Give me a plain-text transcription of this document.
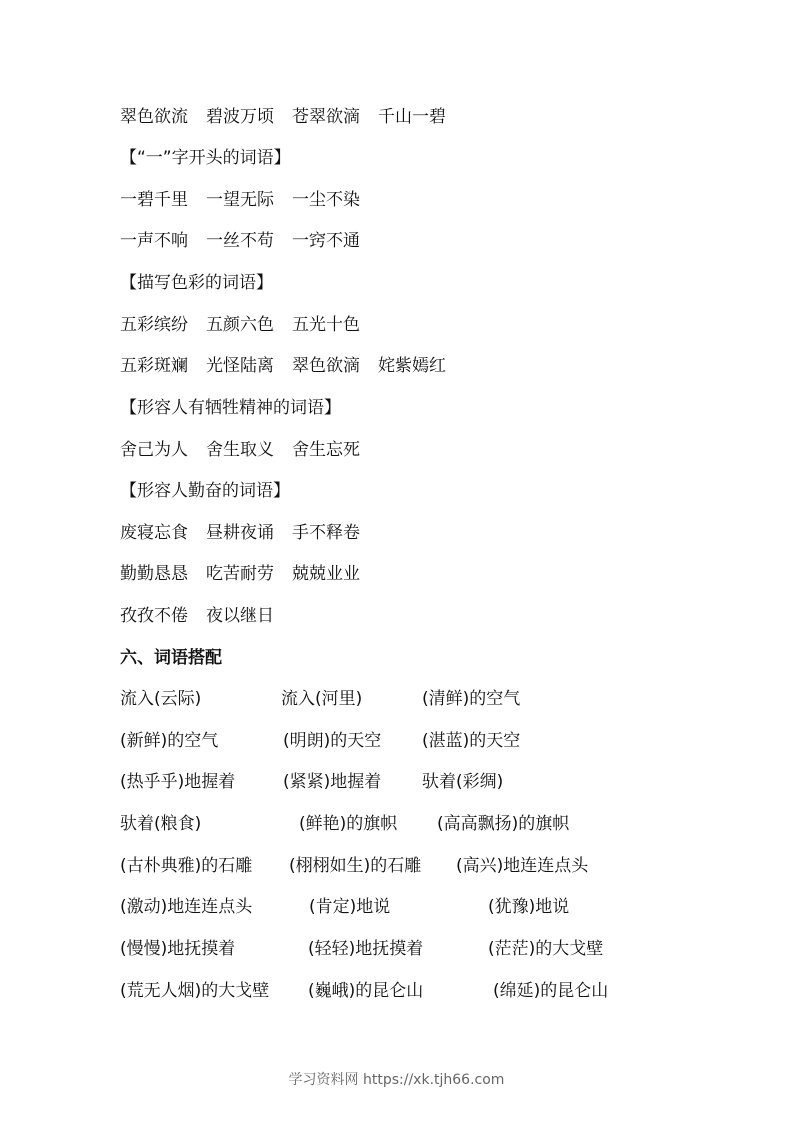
翠色欲流 碧波万顷 苍翠欲滴 千山一碧
【“一”字开头的词语】
一碧千里 一望无际 一尘不染
一声不响 一丝不苟 一窍不通
【描写色彩的词语】
五彩缤纷 五颜六色 五光十色
五彩斑斓 光怪陆离 翠色欲滴 姹紫嫣红
【形容人有牺牲精神的词语】
舍己为人 舍生取义 舍生忘死
【形容人勤奋的词语】
废寝忘食 昼耕夜诵 手不释卷
勤勤恳恳 吃苦耐劳 兢兢业业
孜孜不倦 夜以继日
六、词语搭配
流入(云际)	流入(河里)	(清鲜)的空气
(新鲜)的空气	(明朗)的天空 (湛蓝)的天空
(热乎乎)地握着	(紧紧)地握着 驮着(彩绸)
驮着(粮食)	(鲜艳)的旗帜 (高高飘扬)的旗帜
(古朴典雅)的石雕 (栩栩如生)的石雕 (高兴)地连连点头
(激动)地连连点头	(肯定)地说	(犹豫)地说
(慢慢)地抚摸着	(轻轻)地抚摸着	(茫茫)的大戈壁
(荒无人烟)的大戈壁 (巍峨)的昆仑山	(绵延)的昆仑山
学习资料网 https://xk.tjh66.com
